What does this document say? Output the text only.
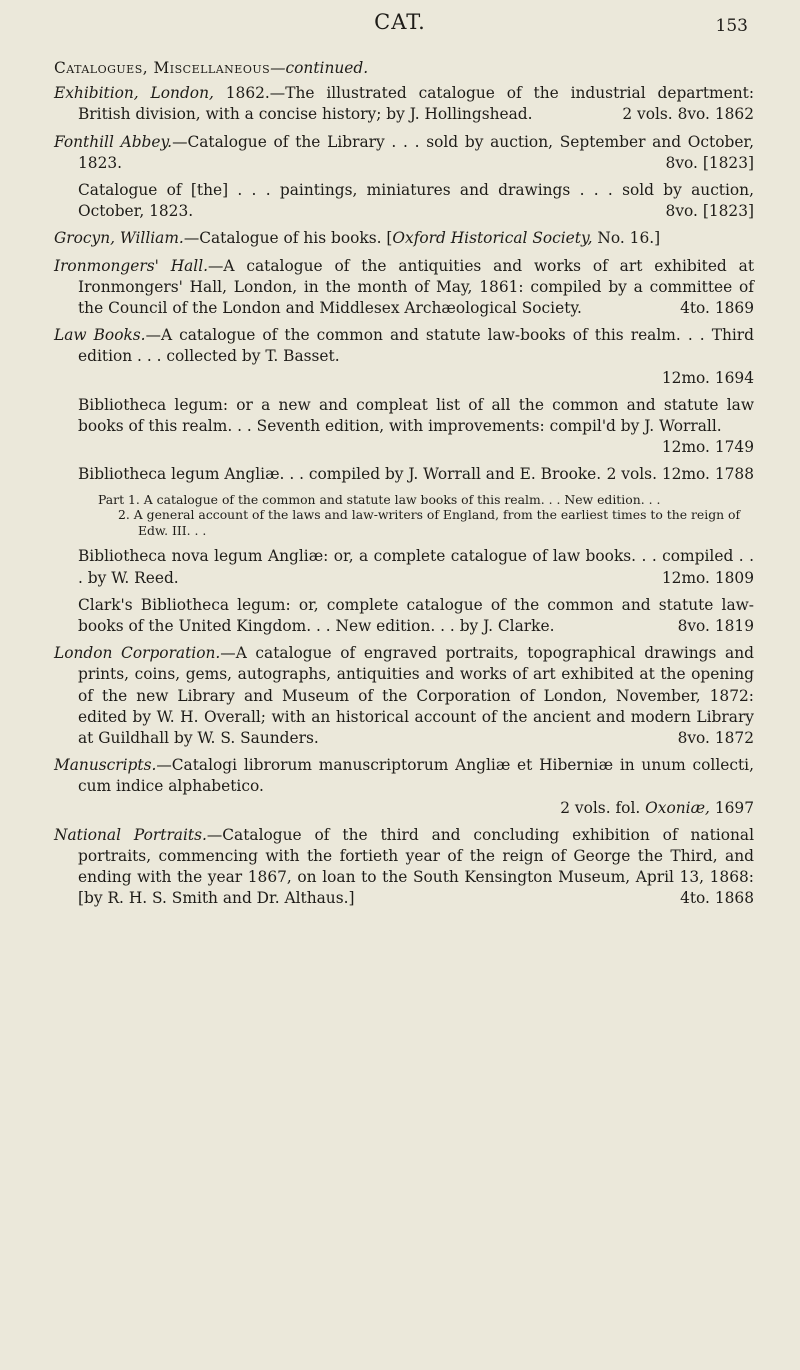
CAT.	153

Catalogues, Miscellaneous—continued.

Exhibition, London, 1862.—The illustrated catalogue of the industrial department: British division, with a concise history; by J. Hollingshead.	2 vols. 8vo. 1862

Fonthill Abbey.—Catalogue of the Library . . . sold by auction, September and October, 1823.	8vo. [1823]

Catalogue of [the] . . . paintings, miniatures and drawings . . . sold by auction, October, 1823.	8vo. [1823]

Grocyn, William.—Catalogue of his books. [Oxford Historical Society, No. 16.]

Ironmongers' Hall.—A catalogue of the antiquities and works of art exhibited at Ironmongers' Hall, London, in the month of May, 1861: compiled by a committee of the Council of the London and Middlesex Archæological Society.	4to. 1869

Law Books.—A catalogue of the common and statute law-books of this realm. . . Third edition . . . collected by T. Basset.
12mo. 1694

Bibliotheca legum: or a new and compleat list of all the common and statute law books of this realm. . . Seventh edition, with improvements: compil'd by J. Worrall.
12mo. 1749

Bibliotheca legum Angliæ. . . compiled by J. Worrall and E. Brooke. 2 vols. 12mo. 1788

Part 1. A catalogue of the common and statute law books of this realm. . . New edition. . .

2. A general account of the laws and law-writers of England, from the earliest times to the reign of Edw. III. . .

Bibliotheca nova legum Angliæ: or, a complete catalogue of law books. . . compiled . . . by W. Reed.	12mo. 1809

Clark's Bibliotheca legum: or, complete catalogue of the common and statute law-books of the United Kingdom. . . New edition. . . by J. Clarke.	8vo. 1819

London Corporation.—A catalogue of engraved portraits, topographical drawings and prints, coins, gems, autographs, antiquities and works of art exhibited at the opening of the new Library and Museum of the Corporation of London, November, 1872: edited by W. H. Overall; with an historical account of the ancient and modern Library at Guildhall by W. S. Saunders.	8vo. 1872

Manuscripts.—Catalogi librorum manuscriptorum Angliæ et Hiberniæ in unum collecti, cum indice alphabetico.
2 vols. fol. Oxoniæ, 1697

National Portraits.—Catalogue of the third and concluding exhibition of national portraits, commencing with the fortieth year of the reign of George the Third, and ending with the year 1867, on loan to the South Kensington Museum, April 13, 1868: [by R. H. S. Smith and Dr. Althaus.]	4to. 1868
